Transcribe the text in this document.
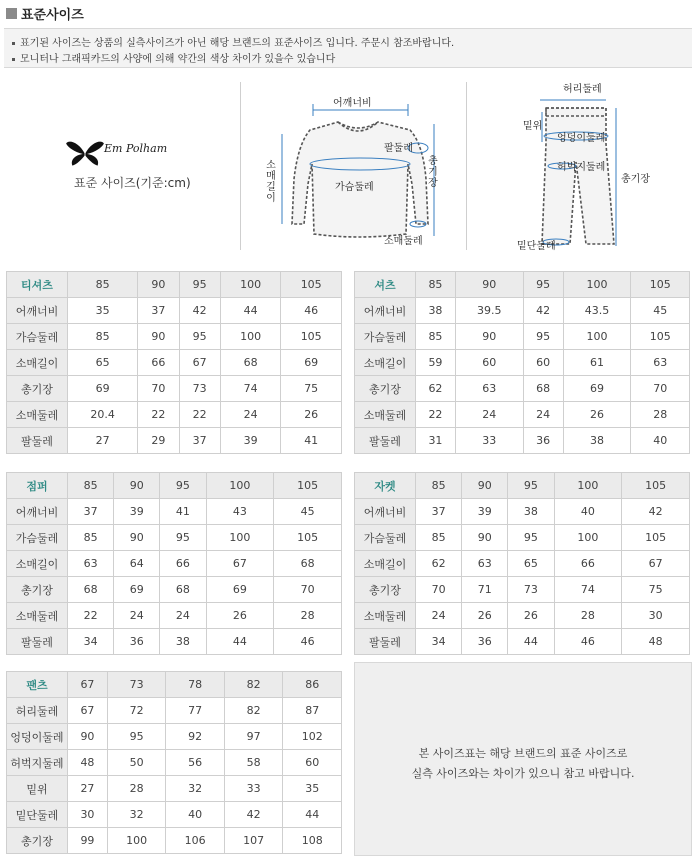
표준사이즈
표기된 사이즈는 상품의 실측사이즈가 아닌 해당 브랜드의 표준사이즈 입니다. 주문시 참조바랍니다.
모니터나 그래픽카드의 사양에 의해 약간의 색상 차이가 있을수 있습니다
Em Polham
표준 사이즈(기준:cm)
어깨너비
팔둘레
가슴둘레
소매둘레
소매길이
총기장
허리둘레
밑위
엉덩이둘레
허벅지둘레
총기장
밑단둘레
티셔츠	85	90	95	100	105
어깨너비	35	37	42	44	46
가슴둘레	85	90	95	100	105
소매길이	65	66	67	68	69
총기장	69	70	73	74	75
소매둘레	20.4	22	22	24	26
팔둘레	27	29	37	39	41
셔츠	85	90	95	100	105
어깨너비	38	39.5	42	43.5	45
가슴둘레	85	90	95	100	105
소매길이	59	60	60	61	63
총기장	62	63	68	69	70
소매둘레	22	24	24	26	28
팔둘레	31	33	36	38	40
점퍼	85	90	95	100	105
어깨너비	37	39	41	43	45
가슴둘레	85	90	95	100	105
소매길이	63	64	66	67	68
총기장	68	69	68	69	70
소매둘레	22	24	24	26	28
팔둘레	34	36	38	44	46
자켓	85	90	95	100	105
어깨너비	37	39	38	40	42
가슴둘레	85	90	95	100	105
소매길이	62	63	65	66	67
총기장	70	71	73	74	75
소매둘레	24	26	26	28	30
팔둘레	34	36	44	46	48
팬츠	67	73	78	82	86
허리둘레	67	72	77	82	87
엉덩이둘레	90	95	92	97	102
허벅지둘레	48	50	56	58	60
밑위	27	28	32	33	35
밑단둘레	30	32	40	42	44
총기장	99	100	106	107	108
본 사이즈표는 해당 브랜드의 표준 사이즈로
실측 사이즈와는 차이가 있으니 참고 바랍니다.
